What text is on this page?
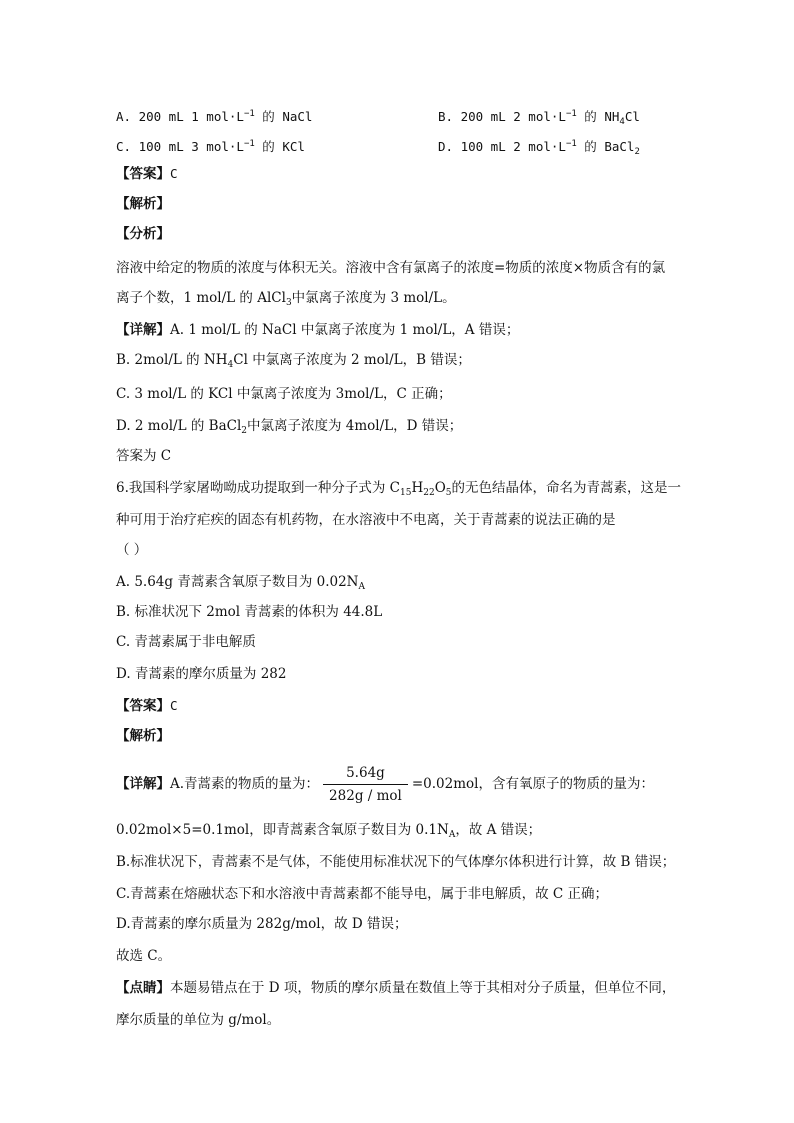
A. 200 mL 1 $mol\cdot L^{-1}$ 的 NaCl	B. 200 mL 2 $mol\cdot L^{-1}$ 的 $NH_4Cl$
C. 100 mL 3 $mol\cdot L^{-1}$ 的 KCl	D. 100 mL 2 $mol\cdot L^{-1}$ 的 BaCl$_2$
【答案】C
【解析】
【分析】
溶液中给定的物质的浓度与体积无关。溶液中含有氯离子的浓度=物质的浓度×物质含有的氯
离子个数，1 mol/L 的 AlCl$_3$中氯离子浓度为 3 mol/L。
【详解】A. 1 mol/L 的 NaCl 中氯离子浓度为 1 mol/L，A 错误；
B. 2mol/L 的 $NH_4Cl$ 中氯离子浓度为 2 mol/L，B 错误；
C. 3 mol/L 的 KCl 中氯离子浓度为 3mol/L，C 正确；
D. 2 mol/L 的 BaCl$_2$中氯离子浓度为 4mol/L，D 错误；
答案为 C
6.我国科学家屠呦呦成功提取到一种分子式为 $C_{15}H_{22}O_5$的无色结晶体，命名为青蒿素，这是一
种可用于治疗疟疾的固态有机药物，在水溶液中不电离，关于青蒿素的说法正确的是
（ ）
A. 5.64g 青蒿素含氧原子数目为 $0.02N_A$
B. 标准状况下 2mol 青蒿素的体积为 44.8L
C. 青蒿素属于非电解质
D. 青蒿素的摩尔质量为 282
【答案】C
【解析】
【详解】A.青蒿素的物质的量为： $\frac{5.64g}{\text{282g / mol}} =0.02mol$，含有氧原子的物质的量为：
0.02mol×5=0.1mol，即青蒿素含氧原子数目为 $0.1N_A$，故 A 错误；
B.标准状况下，青蒿素不是气体，不能使用标准状况下的气体摩尔体积进行计算，故 B 错误；
C.青蒿素在熔融状态下和水溶液中青蒿素都不能导电，属于非电解质，故 C 正确；
D.青蒿素的摩尔质量为 282g/mol，故 D 错误；
故选 C。
【点睛】本题易错点在于 D 项，物质的摩尔质量在数值上等于其相对分子质量，但单位不同，
摩尔质量的单位为 g/mol。
